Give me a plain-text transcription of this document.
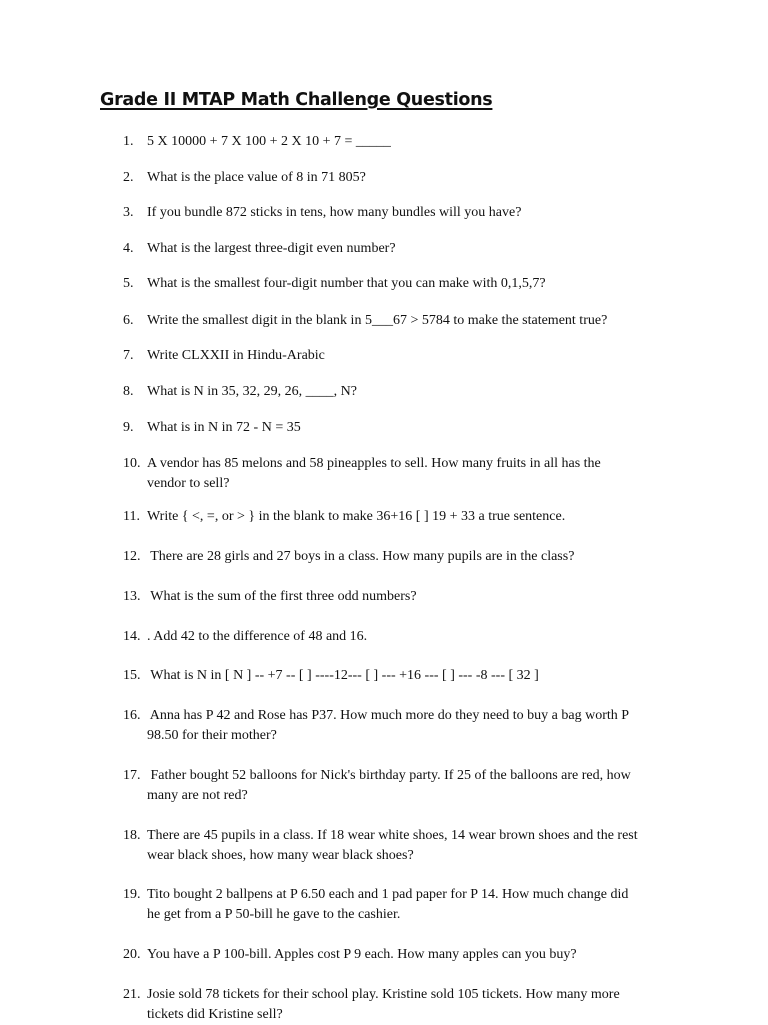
Grade II MTAP Math Challenge Questions
1. 5 X 10000 + 7 X 100 + 2 X 10 + 7 = _____
2. What is the place value of 8 in 71 805?
3. If you bundle 872 sticks in tens, how many bundles will you have?
4. What is the largest three-digit even number?
5. What is the smallest four-digit number that you can make with 0,1,5,7?
6. Write the smallest digit in the blank in 5___67 > 5784 to make the statement true?
7. Write CLXXII in Hindu-Arabic
8. What is N in 35, 32, 29, 26, ____, N?
9. What is in N in 72 - N = 35
10. A vendor has 85 melons and 58 pineapples to sell. How many fruits in all has the
vendor to sell?
11. Write { <, =, or > } in the blank to make 36+16 [ ] 19 + 33 a true sentence.
12. There are 28 girls and 27 boys in a class. How many pupils are in the class?
13. What is the sum of the first three odd numbers?
14. . Add 42 to the difference of 48 and 16.
15. What is N in [ N ] -- +7 -- [ ] ----12--- [ ] --- +16 --- [ ] --- -8 --- [ 32 ]
16. Anna has P 42 and Rose has P37. How much more do they need to buy a bag worth P
98.50 for their mother?
17. Father bought 52 balloons for Nick's birthday party. If 25 of the balloons are red, how
many are not red?
18. There are 45 pupils in a class. If 18 wear white shoes, 14 wear brown shoes and the rest
wear black shoes, how many wear black shoes?
19. Tito bought 2 ballpens at P 6.50 each and 1 pad paper for P 14. How much change did
he get from a P 50-bill he gave to the cashier.
20. You have a P 100-bill. Apples cost P 9 each. How many apples can you buy?
21. Josie sold 78 tickets for their school play. Kristine sold 105 tickets. How many more
tickets did Kristine sell?
